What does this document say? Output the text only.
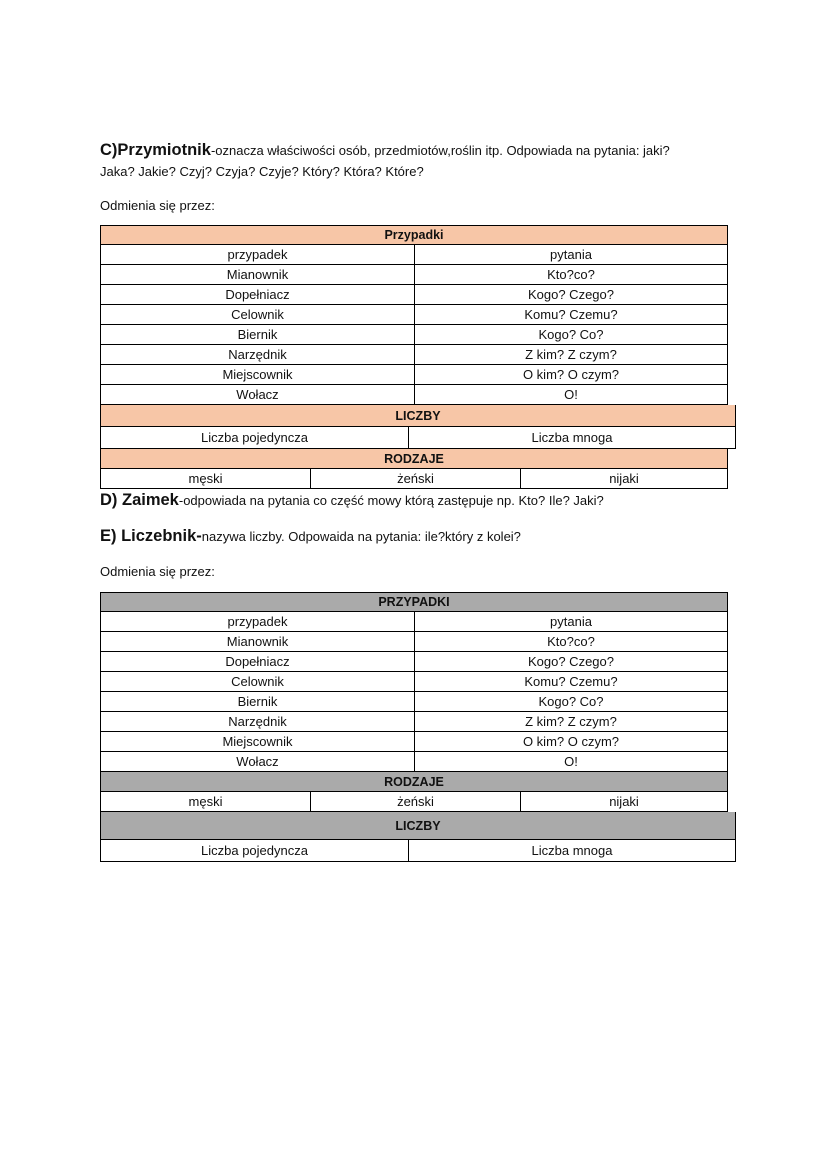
C)Przymiotnik-oznacza właściwości osób, przedmiotów,roślin itp. Odpowiada na pytania: jaki?
Jaka? Jakie? Czyj? Czyja? Czyje? Który? Która? Które?

Odmienia się przez:

Przypadki
przypadek	pytania
Mianownik	Kto?co?
Dopełniacz	Kogo? Czego?
Celownik	Komu? Czemu?
Biernik	Kogo? Co?
Narzędnik	Z kim? Z czym?
Miejscownik	O kim? O czym?
Wołacz	O!
LICZBY
Liczba pojedyncza	Liczba mnoga
RODZAJE
męski	żeński	nijaki

D) Zaimek-odpowiada na pytania co część mowy którą zastępuje np. Kto? Ile? Jaki?

E) Liczebnik-nazywa liczby. Odpowaida na pytania: ile?który z kolei?

Odmienia się przez:

PRZYPADKI
przypadek	pytania
Mianownik	Kto?co?
Dopełniacz	Kogo? Czego?
Celownik	Komu? Czemu?
Biernik	Kogo? Co?
Narzędnik	Z kim? Z czym?
Miejscownik	O kim? O czym?
Wołacz	O!
RODZAJE
męski	żeński	nijaki
LICZBY
Liczba pojedyncza	Liczba mnoga
